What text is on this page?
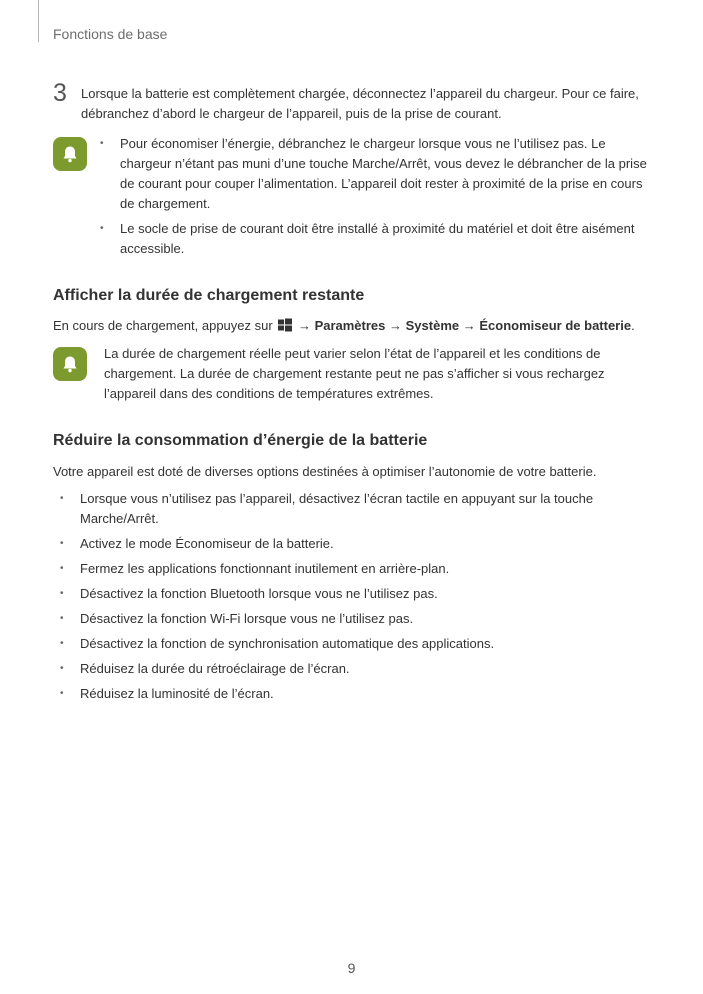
Fonctions de base
3 Lorsque la batterie est complètement chargée, déconnectez l’appareil du chargeur. Pour ce faire, débranchez d’abord le chargeur de l’appareil, puis de la prise de courant.
• Pour économiser l’énergie, débranchez le chargeur lorsque vous ne l’utilisez pas. Le chargeur n’étant pas muni d’une touche Marche/Arrêt, vous devez le débrancher de la prise de courant pour couper l’alimentation. L’appareil doit rester à proximité de la prise en cours de chargement.
• Le socle de prise de courant doit être installé à proximité du matériel et doit être aisément accessible.
Afficher la durée de chargement restante
En cours de chargement, appuyez sur → Paramètres → Système → Économiseur de batterie.
La durée de chargement réelle peut varier selon l’état de l’appareil et les conditions de chargement. La durée de chargement restante peut ne pas s’afficher si vous rechargez l’appareil dans des conditions de températures extrêmes.
Réduire la consommation d’énergie de la batterie
Votre appareil est doté de diverses options destinées à optimiser l’autonomie de votre batterie.
• Lorsque vous n’utilisez pas l’appareil, désactivez l’écran tactile en appuyant sur la touche Marche/Arrêt.
• Activez le mode Économiseur de la batterie.
• Fermez les applications fonctionnant inutilement en arrière-plan.
• Désactivez la fonction Bluetooth lorsque vous ne l’utilisez pas.
• Désactivez la fonction Wi-Fi lorsque vous ne l’utilisez pas.
• Désactivez la fonction de synchronisation automatique des applications.
• Réduisez la durée du rétroéclairage de l’écran.
• Réduisez la luminosité de l’écran.
9
